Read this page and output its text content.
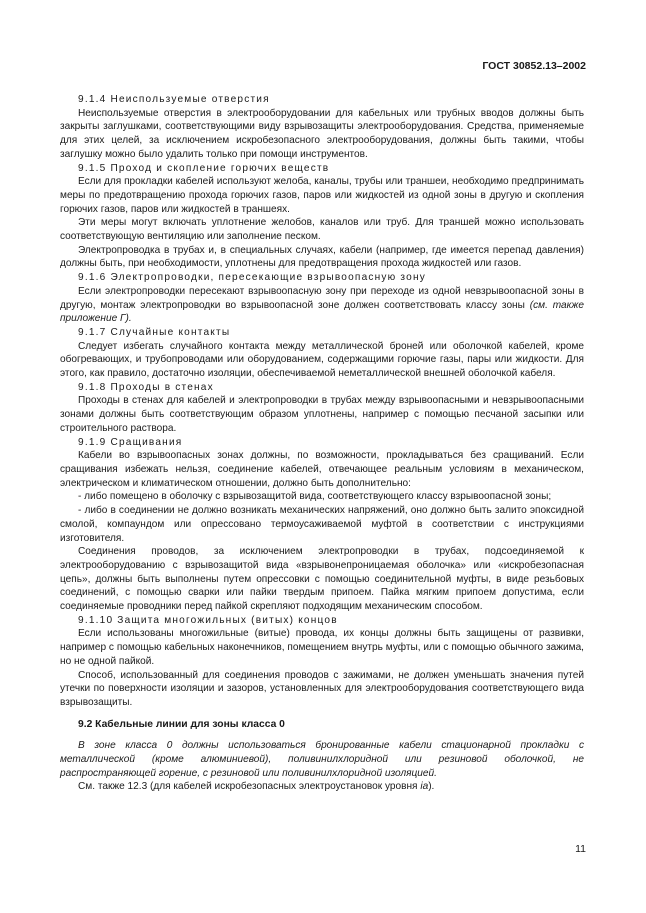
ГОСТ 30852.13–2002

9.1.4 Неиспользуемые отверстия

Неиспользуемые отверстия в электрооборудовании для кабельных или трубных вводов должны быть закрыты заглушками, соответствующими виду взрывозащиты электрооборудования. Средства, применяемые для этих целей, за исключением искробезопасного электрооборудования, должны быть такими, чтобы заглушку можно было удалить только при помощи инструментов.

9.1.5 Проход и скопление горючих веществ

Если для прокладки кабелей используют желоба, каналы, трубы или траншеи, необходимо предпринимать меры по предотвращению прохода горючих газов, паров или жидкостей из одной зоны в другую и скопления горючих газов, паров или жидкостей в траншеях.

Эти меры могут включать уплотнение желобов, каналов или труб. Для траншей можно использовать соответствующую вентиляцию или заполнение песком.

Электропроводка в трубах и, в специальных случаях, кабели (например, где имеется перепад давления) должны быть, при необходимости, уплотнены для предотвращения прохода жидкостей или газов.

9.1.6 Электропроводки, пересекающие взрывоопасную зону

Если электропроводки пересекают взрывоопасную зону при переходе из одной невзрывоопасной зоны в другую, монтаж электропроводки во взрывоопасной зоне должен соответствовать классу зоны (см. также приложение Г).

9.1.7 Случайные контакты

Следует избегать случайного контакта между металлической броней или оболочкой кабелей, кроме обогревающих, и трубопроводами или оборудованием, содержащими горючие газы, пары или жидкости. Для этого, как правило, достаточно изоляции, обеспечиваемой неметаллической внешней оболочкой кабеля.

9.1.8 Проходы в стенах

Проходы в стенах для кабелей и электропроводки в трубах между взрывоопасными и невзрывоопасными зонами должны быть соответствующим образом уплотнены, например с помощью песчаной засыпки или строительного раствора.

9.1.9 Сращивания

Кабели во взрывоопасных зонах должны, по возможности, прокладываться без сращиваний. Если сращивания избежать нельзя, соединение кабелей, отвечающее реальным условиям в механическом, электрическом и климатическом отношении, должно быть дополнительно:

- либо помещено в оболочку с взрывозащитой вида, соответствующего классу взрывоопасной зоны;

- либо в соединении не должно возникать механических напряжений, оно должно быть залито эпоксидной смолой, компаундом или опрессовано термоусаживаемой муфтой в соответствии с инструкциями изготовителя.

Соединения проводов, за исключением электропроводки в трубах, подсоединяемой к электрооборудованию с взрывозащитой вида «взрывонепроницаемая оболочка» или «искробезопасная цепь», должны быть выполнены путем опрессовки с помощью соединительной муфты, в виде резьбовых соединений, с помощью сварки или пайки твердым припоем. Пайка мягким припоем допустима, если соединяемые проводники перед пайкой скрепляют подходящим механическим способом.

9.1.10 Защита многожильных (витых) концов

Если использованы многожильные (витые) провода, их концы должны быть защищены от развивки, например с помощью кабельных наконечников, помещением внутрь муфты, или с помощью обычного зажима, но не одной пайкой.

Способ, использованный для соединения проводов с зажимами, не должен уменьшать значения путей утечки по поверхности изоляции и зазоров, установленных для электрооборудования соответствующего вида взрывозащиты.

9.2 Кабельные линии для зоны класса 0

В зоне класса 0 должны использоваться бронированные кабели стационарной прокладки с металлической (кроме алюминиевой), поливинилхлоридной или резиновой оболочкой, не распространяющей горение, с резиновой или поливинилхлоридной изоляцией.

См. также 12.3 (для кабелей искробезопасных электроустановок уровня ia).

11
